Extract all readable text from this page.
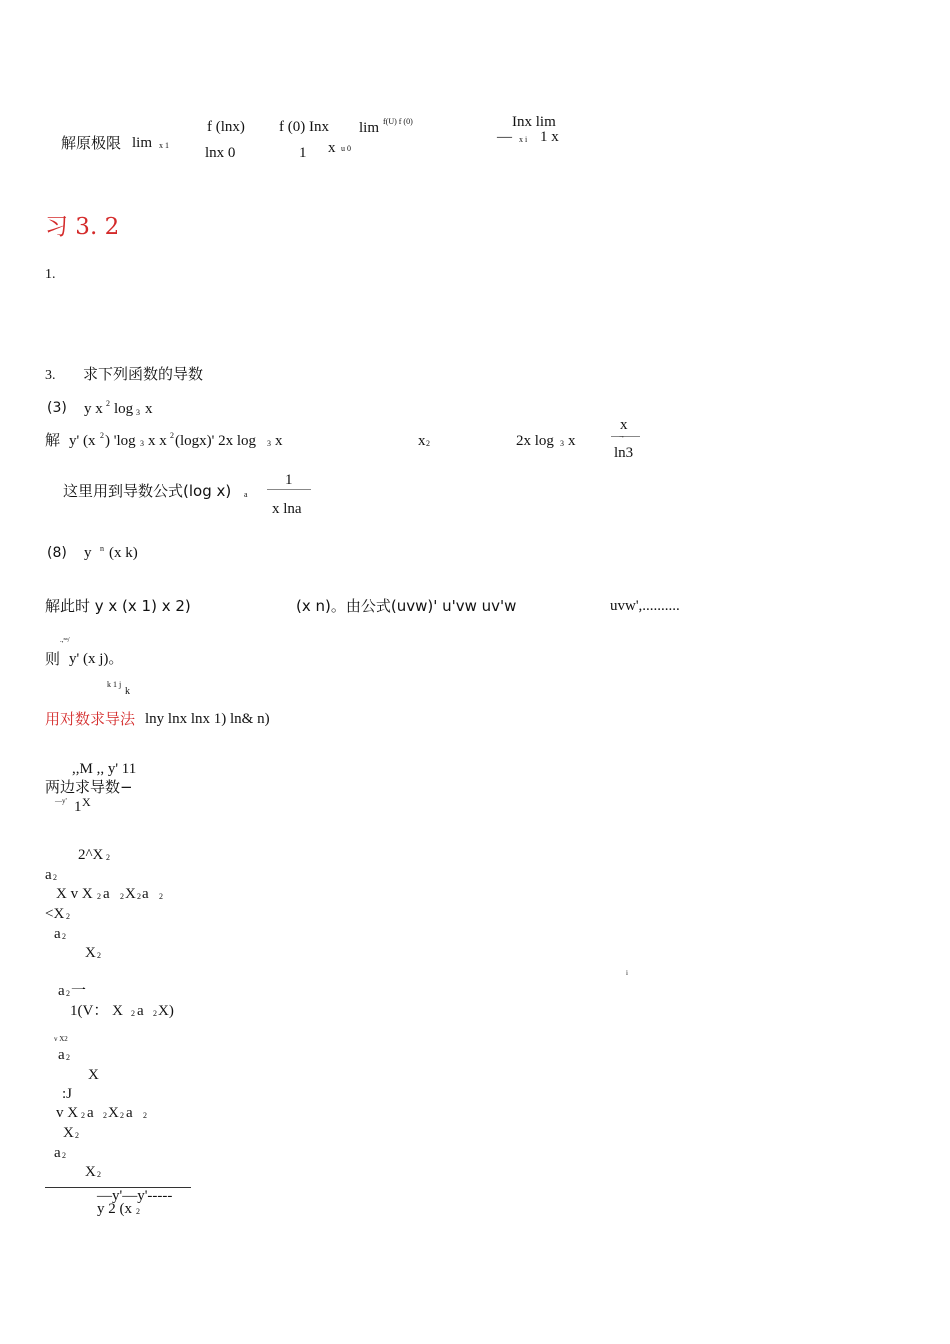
解原极限 lim x 1
f (lnx)
lnx 0
f (0) Inx
1
lim f(U) f (0)
x u 0
Inx lim
— x i 1 x
习 3. 2
1.
3. 求下列函数的导数
(3) y x 2 log 3 x
解 y' (x 2 ) 'log 3 x x 2 (logx)' 2x log 3 x	x 2	2x log 3 x
x
→
ln3
这里用到导数公式(log x) a
1
x lna
(8) y n (x k)
解此时 y x (x 1) x 2)	(x n)。由公式(uvw)' u'vw uv'w	uvw',..........
.,ⁿᵃ/
则 y' (x j)。
k 1 j
k
用对数求导法 lny lnx lnx 1) ln& n)
,,M ,, y' 11
两边求导数−
—y' 1 X
2^X 2
a 2
X v X 2 a 2 X 2 a 2
<X 2
a 2
X 2
i
a 2 一
1(V： X 2 a 2 X)
v X2
a 2
X
:J
v X 2 a 2 X 2 a 2
X 2
a 2
X 2
—y'—y'-----
y 2 (x 2
